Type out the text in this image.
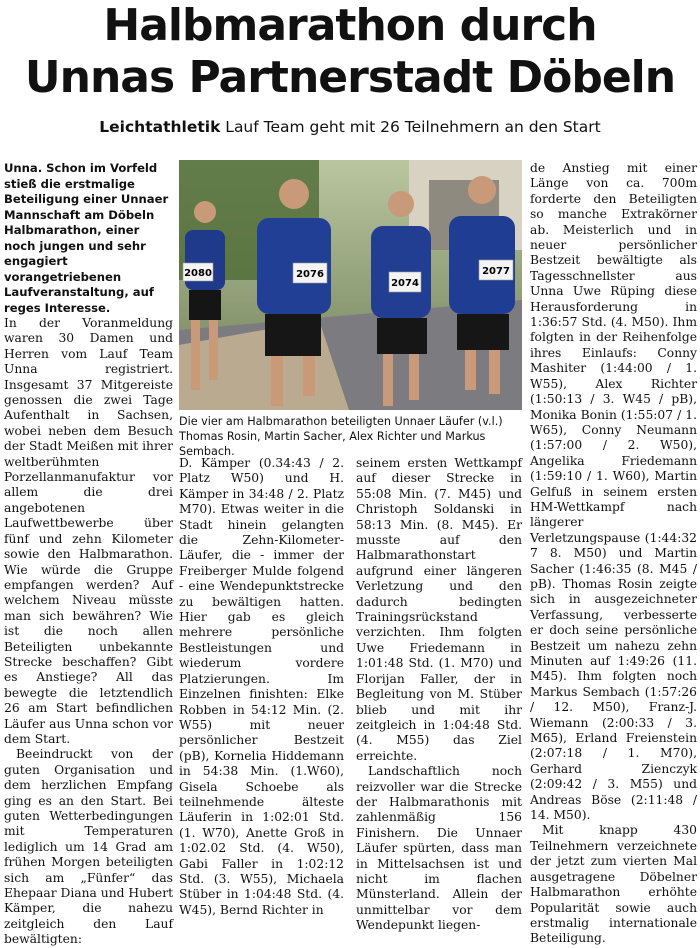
Halbmarathon durch
Unnas Partnerstadt Döbeln
Leichtathletik Lauf Team geht mit 26 Teilnehmern an den Start

Unna. Schon im Vorfeld stieß die erstmalige Beteiligung einer Unnaer Mannschaft am Döbeln Halbmarathon, einer noch jungen und sehr engagiert vorangetriebenen Laufveranstaltung, auf reges Interesse.

In der Voranmeldung waren 30 Damen und Herren vom Lauf Team Unna registriert. Insgesamt 37 Mitgereiste genossen die zwei Tage Aufenthalt in Sachsen, wobei neben dem Besuch der Stadt Meißen mit ihrer weltberühmten Porzellanmanufaktur vor allem die drei angebotenen Laufwettbewerbe über fünf und zehn Kilometer sowie den Halbmarathon. Wie würde die Gruppe empfangen werden? Auf welchem Niveau müsste man sich bewähren? Wie ist die noch allen Beteiligten unbekannte Strecke beschaffen? Gibt es Anstiege? All das bewegte die letztendlich 26 am Start befindlichen Läufer aus Unna schon vor dem Start.

Beeindruckt von der guten Organisation und dem herzlichen Empfang ging es an den Start. Bei guten Wetterbedingungen mit Temperaturen lediglich um 14 Grad am frühen Morgen beteiligten sich am „Fünfer“ das Ehepaar Diana und Hubert Kämper, die nahezu zeitgleich den Lauf bewältigten:

2080	2076
2074
2077
Die vier am Halbmarathon beteiligten Unnaer Läufer (v.l.) Thomas Rosin, Martin Sacher, Alex Richter und Markus Sembach.

D. Kämper (0.34:43 / 2. Platz W50) und H. Kämper in 34:48 / 2. Platz M70). Etwas weiter in die Stadt hinein gelangten die Zehn-Kilometer-Läufer, die - immer der Freiberger Mulde folgend - eine Wendepunktstrecke zu bewältigen hatten. Hier gab es gleich mehrere persönliche Bestleistungen und wiederum vordere Platzierungen. Im Einzelnen finishten: Elke Robben in 54:12 Min. (2. W55) mit neuer persönlicher Bestzeit (pB), Kornelia Hiddemann in 54:38 Min. (1.W60), Gisela Schoebe als teilnehmende älteste Läuferin in 1:02:01 Std. (1. W70), Anette Groß in 1:02.02 Std. (4. W50), Gabi Faller in 1:02:12 Std. (3. W55), Michaela Stüber in 1:04:48 Std. (4. W45), Bernd Richter in

seinem ersten Wettkampf auf dieser Strecke in 55:08 Min. (7. M45) und Christoph Soldanski in 58:13 Min. (8. M45). Er musste auf den Halbmarathonstart aufgrund einer längeren Verletzung und den dadurch bedingten Trainingsrückstand verzichten. Ihm folgten Uwe Friedemann in 1:01:48 Std. (1. M70) und Florijan Faller, der in Begleitung von M. Stüber blieb und mit ihr zeitgleich in 1:04:48 Std. (4. M55) das Ziel erreichte.

Landschaftlich noch reizvoller war die Strecke der Halbmarathonis mit zahlenmäßig 156 Finishern. Die Unnaer Läufer spürten, dass man in Mittelsachsen ist und nicht im flachen Münsterland. Allein der unmittelbar vor dem Wendepunkt liegen-

de Anstieg mit einer Länge von ca. 700m forderte den Beteiligten so manche Extrakörner ab. Meisterlich und in neuer persönlicher Bestzeit bewältigte als Tagesschnellster aus Unna Uwe Rüping diese Herausforderung in 1:36:57 Std. (4. M50). Ihm folgten in der Reihenfolge ihres Einlaufs: Conny Mashiter (1:44:00 / 1. W55), Alex Richter (1:50:13 / 3. W45 / pB), Monika Bonin (1:55:07 / 1. W65), Conny Neumann (1:57:00 / 2. W50), Angelika Friedemann (1:59:10 / 1. W60), Martin Gelfuß in seinem ersten HM-Wettkampf nach längerer Verletzungspause (1:44:32 7 8. M50) und Martin Sacher (1:46:35 (8. M45 / pB). Thomas Rosin zeigte sich in ausgezeichneter Verfassung, verbesserte er doch seine persönliche Bestzeit um nahezu zehn Minuten auf 1:49:26 (11. M45). Ihm folgten noch Markus Sembach (1:57:26 / 12. M50), Franz-J. Wiemann (2:00:33 / 3. M65), Erland Freienstein (2:07:18 / 1. M70), Gerhard Zienczyk (2:09:42 / 3. M55) und Andreas Böse (2:11:48 / 14. M50).

Mit knapp 430 Teilnehmern verzeichnete der jetzt zum vierten Mal ausgetragene Döbelner Halbmarathon erhöhte Popularität sowie auch erstmalig internationale Beteiligung.
